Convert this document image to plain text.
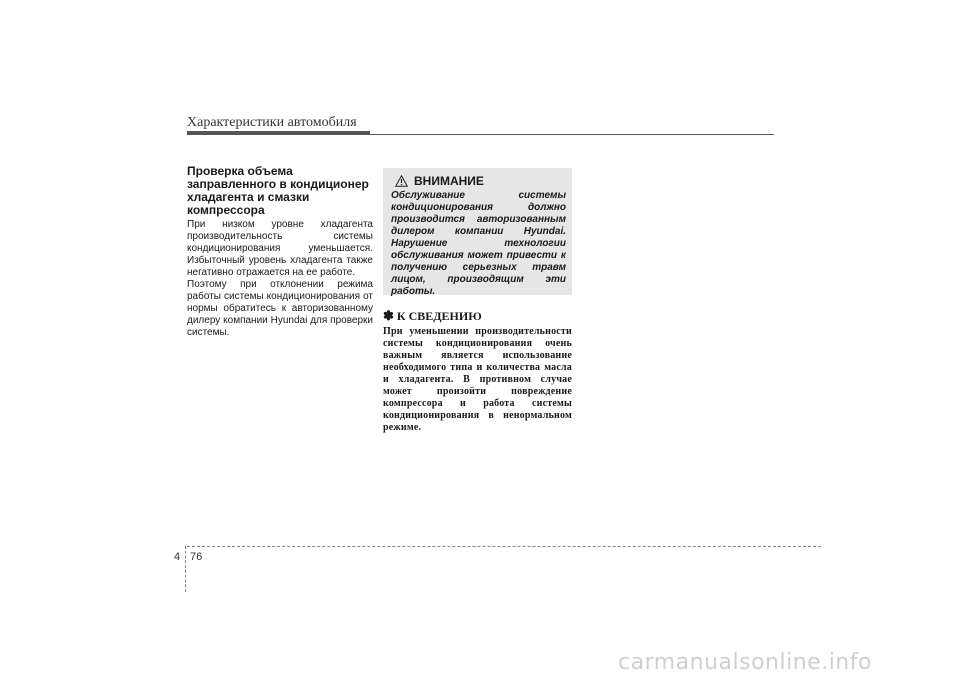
Характеристики автомобиля

Проверка объема заправленного в кондиционер хладагента и смазки компрессора

При низком уровне хладагента производительность системы кондиционирования уменьшается. Избыточный уровень хладагента также негативно отражается на ее работе.

Поэтому при отклонении режима работы системы кондиционирования от нормы обратитесь к авторизованному дилеру компании Hyundai для проверки системы.

ВНИМАНИЕ

Обслуживание системы кондиционирования должно производится авторизованным дилером компании Hyundai. Нарушение технологии обслуживания может привести к получению серьезных травм лицом, производящим эти работы.

✽ К СВЕДЕНИЮ

При уменьшении производительности системы кондиционирования очень важным является использование необходимого типа и количества масла и хладагента. В противном случае может произойти повреждение компрессора и работа системы кондиционирования в ненормальном режиме.

4 76
carmanualsonline.info
